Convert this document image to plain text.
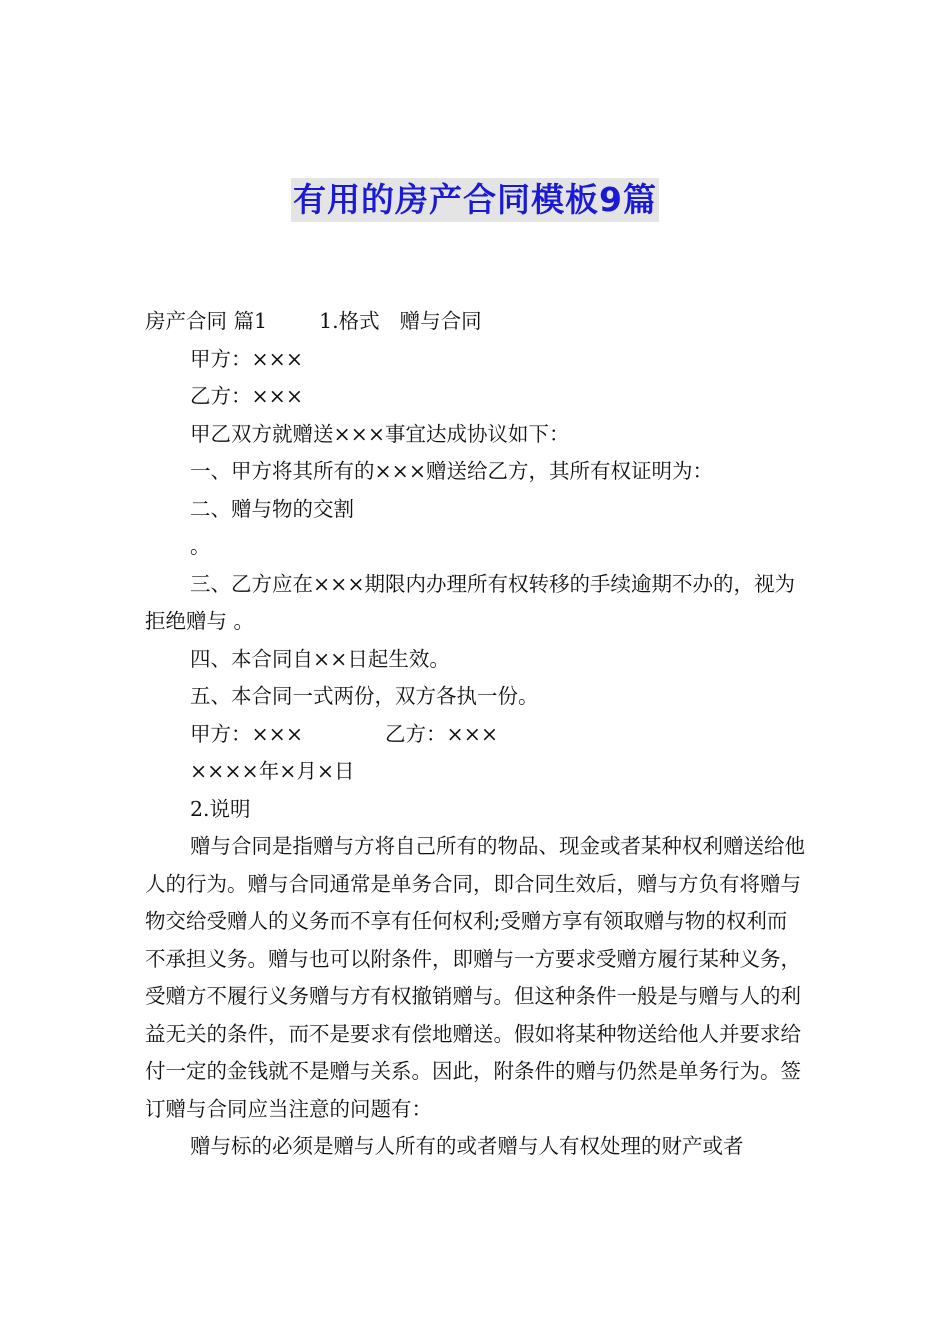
有用的房产合同模板9篇

房产合同 篇1	1.格式 赠与合同

甲方：×××

乙方：×××

甲乙双方就赠送×××事宜达成协议如下：

一、甲方将其所有的×××赠送给乙方，其所有权证明为：

二、赠与物的交割

。

三、乙方应在×××期限内办理所有权转移的手续逾期不办的，视为拒绝赠与 。

四、本合同自××日起生效。

五、本合同一式两份，双方各执一份。

甲方：×××	乙方：×××

××××年×月×日

2.说明

赠与合同是指赠与方将自己所有的物品、现金或者某种权利赠送给他人的行为。赠与合同通常是单务合同，即合同生效后，赠与方负有将赠与物交给受赠人的义务而不享有任何权利;受赠方享有领取赠与物的权利而不承担义务。赠与也可以附条件，即赠与一方要求受赠方履行某种义务，受赠方不履行义务赠与方有权撤销赠与。但这种条件一般是与赠与人的利益无关的条件，而不是要求有偿地赠送。假如将某种物送给他人并要求给付一定的金钱就不是赠与关系。因此，附条件的赠与仍然是单务行为。签订赠与合同应当注意的问题有：

赠与标的必须是赠与人所有的或者赠与人有权处理的财产或者
